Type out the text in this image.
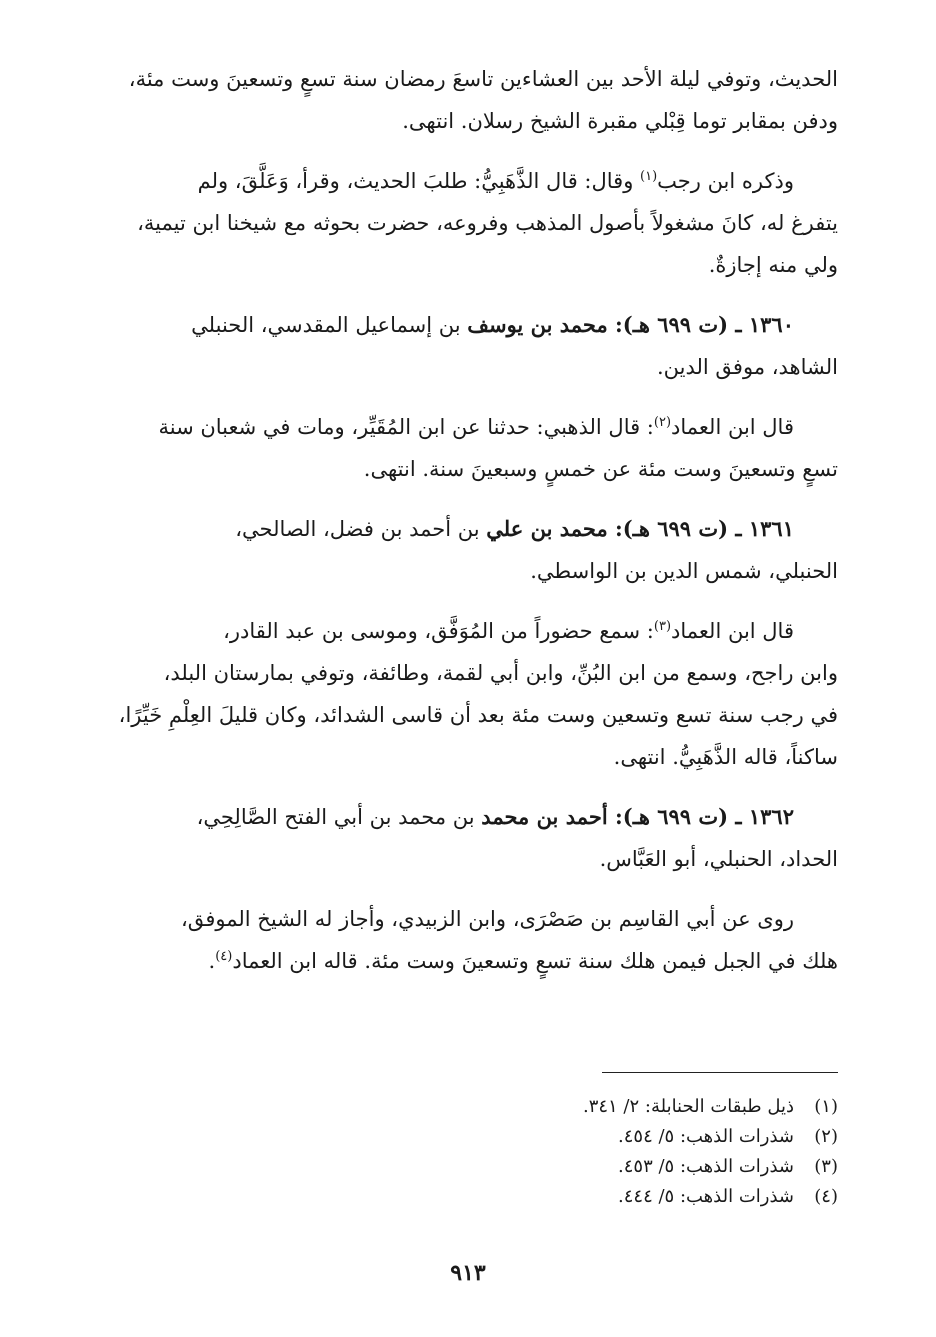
الحديث، وتوفي ليلة الأحد بين العشاءين تاسعَ رمضان سنة تسعٍ وتسعينَ وست مئة،
ودفن بمقابر توما قِبْلي مقبرة الشيخ رسلان. انتهى.

وذكره ابن رجب$^{(١)}$ وقال: قال الذَّهَبِيُّ: طلبَ الحديث، وقرأ، وَعَلَّقَ، ولم
يتفرغ له، كانَ مشغولاً بأصول المذهب وفروعه، حضرت بحوثه مع شيخنا ابن تيمية،
ولي منه إجازةٌ.

١٣٦٠ ـ (ت ٦٩٩ هـ): محمد بن يوسف بن إسماعيل المقدسي، الحنبلي
الشاهد، موفق الدين.

قال ابن العماد$^{(٢)}$: قال الذهبي: حدثنا عن ابن المُقَيِّر، ومات في شعبان سنة
تسعٍ وتسعينَ وست مئة عن خمسٍ وسبعينَ سنة. انتهى.

١٣٦١ ـ (ت ٦٩٩ هـ): محمد بن علي بن أحمد بن فضل، الصالحي،
الحنبلي، شمس الدين بن الواسطي.

قال ابن العماد$^{(٣)}$: سمع حضوراً من المُوَفَّق، وموسى بن عبد القادر،
وابن راجح، وسمع من ابن البُنِّ، وابن أبي لقمة، وطائفة، وتوفي بمارستان البلد،
في رجب سنة تسع وتسعين وست مئة بعد أن قاسى الشدائد، وكان قليلَ العِلْمِ خَيِّرًا،
ساكناً، قاله الذَّهَبِيُّ. انتهى.

١٣٦٢ ـ (ت ٦٩٩ هـ): أحمد بن محمد بن محمد بن أبي الفتح الصَّالِحِي،
الحداد، الحنبلي، أبو العَبَّاس.

روى عن أبي القاسِم بن صَصْرَى، وابن الزبيدي، وأجاز له الشيخ الموفق،
هلك في الجبل فيمن هلك سنة تسعٍ وتسعينَ وست مئة. قاله ابن العماد$^{(٤)}$.

(١)ذيل طبقات الحنابلة: ٢/ ٣٤١.
(٢)شذرات الذهب: ٥/ ٤٥٤.
(٣)شذرات الذهب: ٥/ ٤٥٣.
(٤)شذرات الذهب: ٥/ ٤٤٤.
٩١٣
